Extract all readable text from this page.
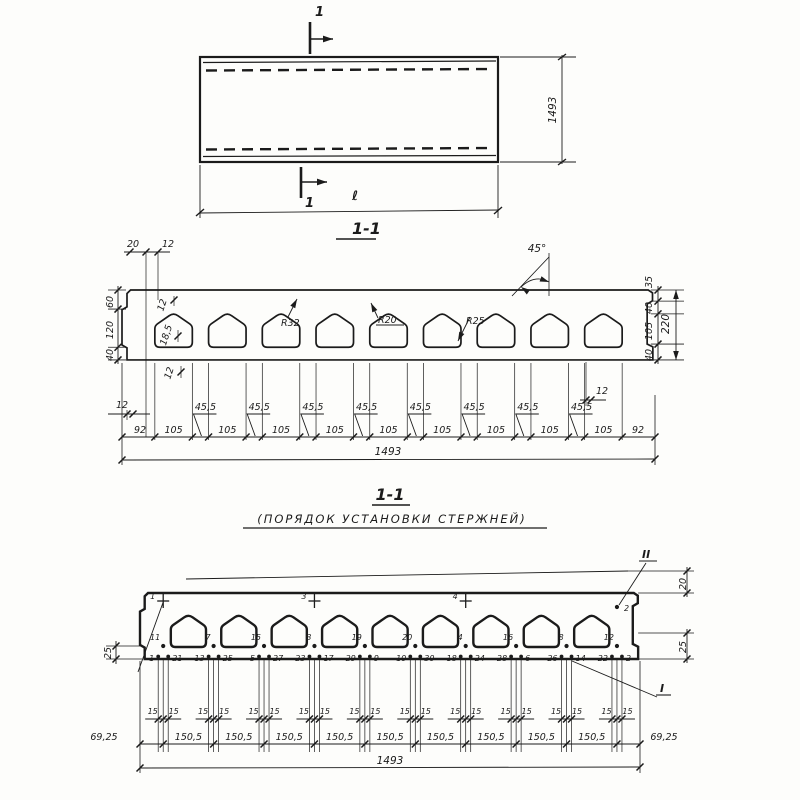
1
1
1493
ℓ
1-1
105	105	105	105	105	105	105	105	105
45,5	45,5	45,5	45,5	45,5	45,5	45,5	45,5
20 12
60
120
40
12
18,5
12
35
40
105
40
220
45°
R32	R20	R25
12
12
92	92
1493
1-1
(ПОРЯДОК УСТАНОВКИ СТЕРЖНЕЙ)
11
1 21
1
7
13 25
15
5 27
3
23 17
3
19
29 9
20
10 30
4
18 24
4
16
28 6
8
26 14
12
22 2
2
15 15 15 15 15 15 15 15 15 15 15 15 15 15 15 15 15 15 15 15
150,5 150,5 150,5 150,5 150,5 150,5 150,5 150,5 150,5
II
I
20
25
25
69,25	69,25
1493
